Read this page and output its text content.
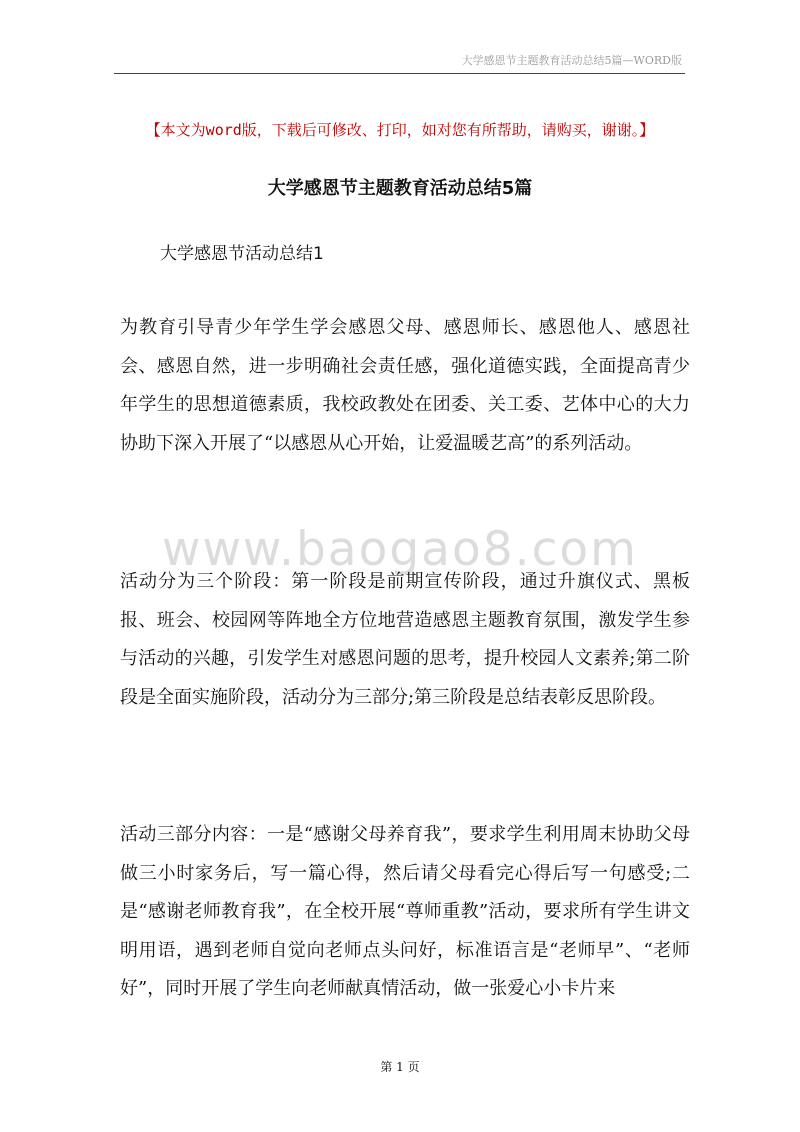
大学感恩节主题教育活动总结5篇—WORD版
【本文为word版，下载后可修改、打印，如对您有所帮助，请购买，谢谢。】
大学感恩节主题教育活动总结5篇
大学感恩节活动总结1

为教育引导青少年学生学会感恩父母、感恩师长、感恩他人、感恩社会、感恩自然，进一步明确社会责任感，强化道德实践，全面提高青少年学生的思想道德素质，我校政教处在团委、关工委、艺体中心的大力协助下深入开展了“以感恩从心开始，让爱温暖艺高”的系列活动。

www.baogao8.com

活动分为三个阶段：第一阶段是前期宣传阶段，通过升旗仪式、黑板报、班会、校园网等阵地全方位地营造感恩主题教育氛围，激发学生参与活动的兴趣，引发学生对感恩问题的思考，提升校园人文素养;第二阶段是全面实施阶段，活动分为三部分;第三阶段是总结表彰反思阶段。

活动三部分内容：一是“感谢父母养育我”，要求学生利用周末协助父母做三小时家务后，写一篇心得，然后请父母看完心得后写一句感受;二是“感谢老师教育我”，在全校开展“尊师重教”活动，要求所有学生讲文明用语，遇到老师自觉向老师点头问好，标准语言是“老师早”、“老师好”，同时开展了学生向老师献真情活动，做一张爱心小卡片来

第 1 页
